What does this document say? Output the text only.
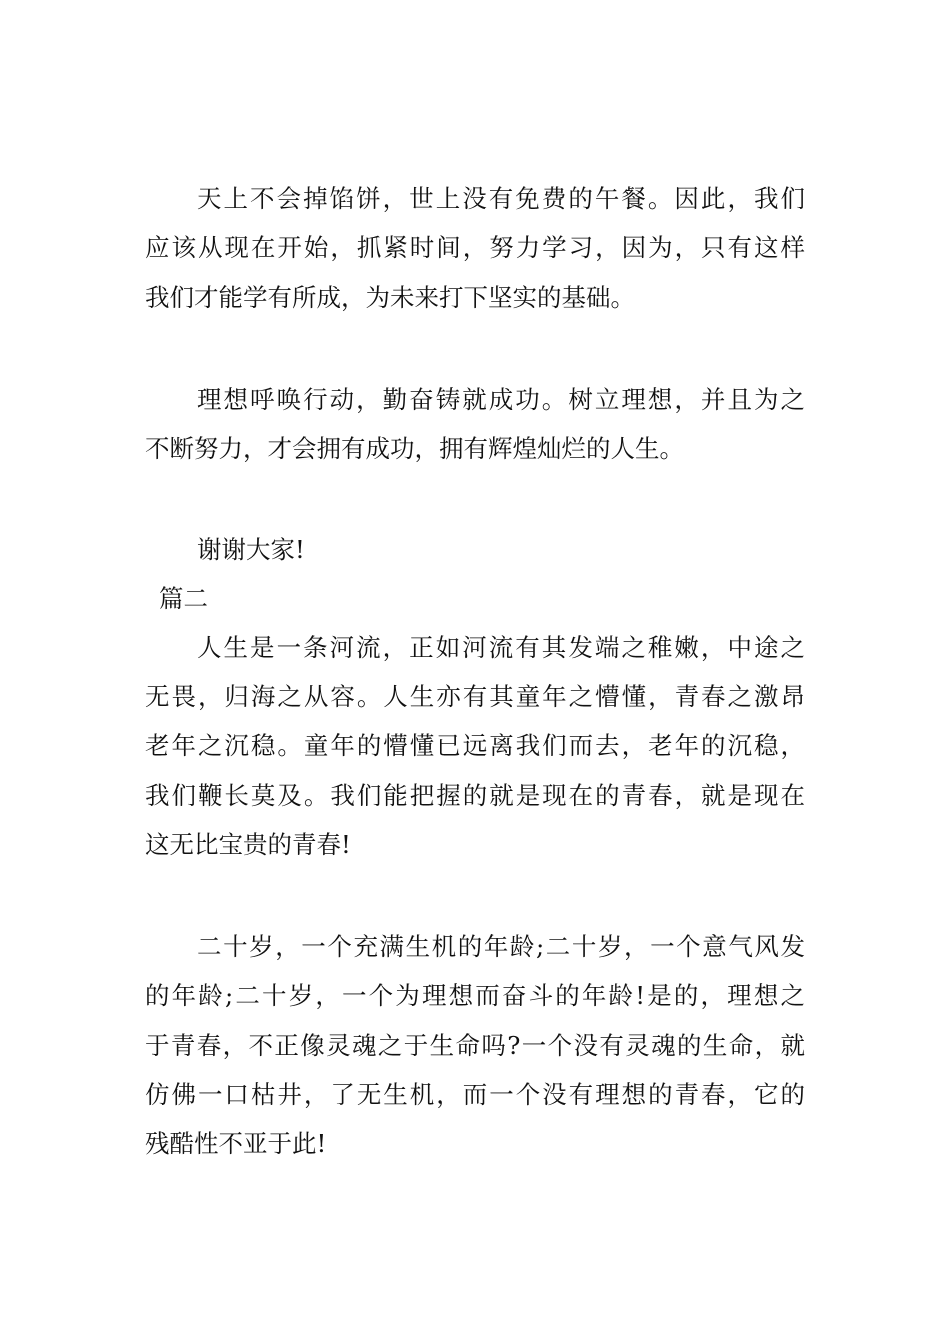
天上不会掉馅饼，世上没有免费的午餐。因此，我们

应该从现在开始，抓紧时间，努力学习，因为，只有这样

我们才能学有所成，为未来打下坚实的基础。

理想呼唤行动，勤奋铸就成功。树立理想，并且为之

不断努力，才会拥有成功，拥有辉煌灿烂的人生。

谢谢大家!

篇二

人生是一条河流，正如河流有其发端之稚嫩，中途之

无畏，归海之从容。人生亦有其童年之懵懂，青春之激昂

老年之沉稳。童年的懵懂已远离我们而去，老年的沉稳，

我们鞭长莫及。我们能把握的就是现在的青春，就是现在

这无比宝贵的青春!

二十岁，一个充满生机的年龄;二十岁，一个意气风发

的年龄;二十岁，一个为理想而奋斗的年龄!是的，理想之

于青春，不正像灵魂之于生命吗?一个没有灵魂的生命，就

仿佛一口枯井，了无生机，而一个没有理想的青春，它的

残酷性不亚于此!
